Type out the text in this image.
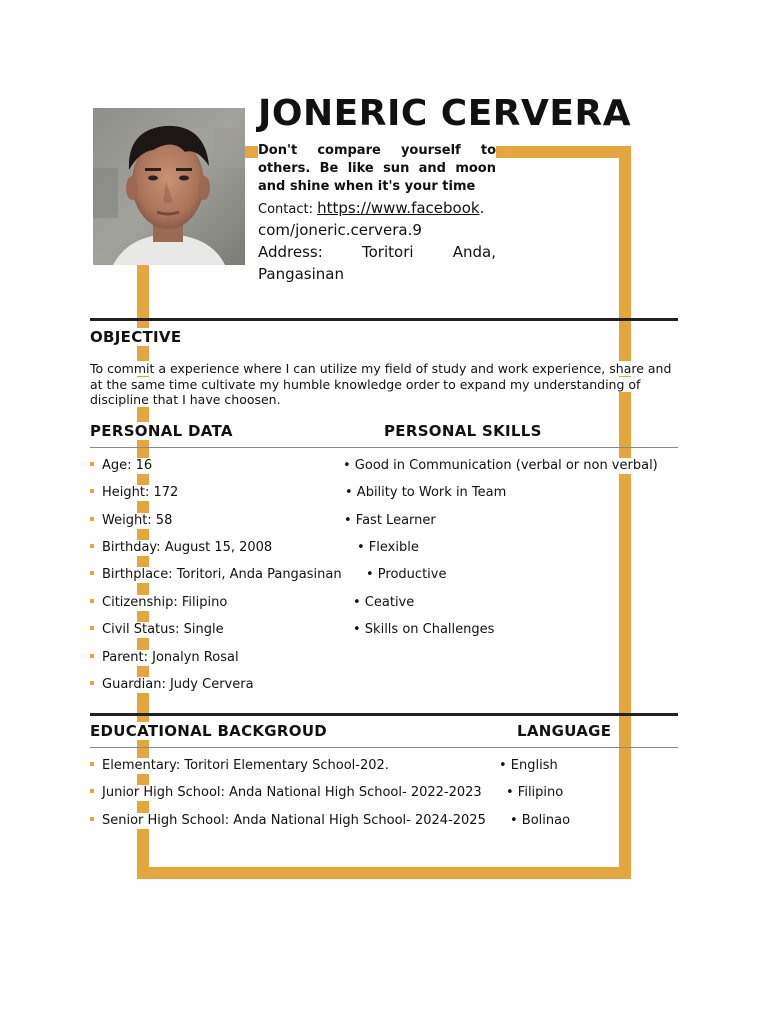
JONERIC CERVERA
Don't compare yourself to others. Be like sun and moon and shine when it's your time
Contact: https://www.facebook.
com/joneric.cervera.9
Address: Toritori Anda, Pangasinan
OBJECTIVE
To commit a experience where I can utilize my field of study and work experience, share and at the same time cultivate my humble knowledge order to expand my understanding of discipline that I have choosen.
PERSONAL DATA	PERSONAL SKILLS
Age: 16
Height: 172
Weight: 58
Birthday: August 15, 2008
Birthplace: Toritori, Anda Pangasinan
Citizenship: Filipino
Civil Status: Single
Parent: Jonalyn Rosal
Guardian: Judy Cervera
• Good in Communication (verbal or non verbal)
• Ability to Work in Team
• Fast Learner
• Flexible
• Productive
• Ceative
• Skills on Challenges
EDUCATIONAL BACKGROUD	LANGUAGE
Elementary: Toritori Elementary School-202.
Junior High School: Anda National High School- 2022-2023
Senior High School: Anda National High School- 2024-2025
• English
• Filipino
• Bolinao
